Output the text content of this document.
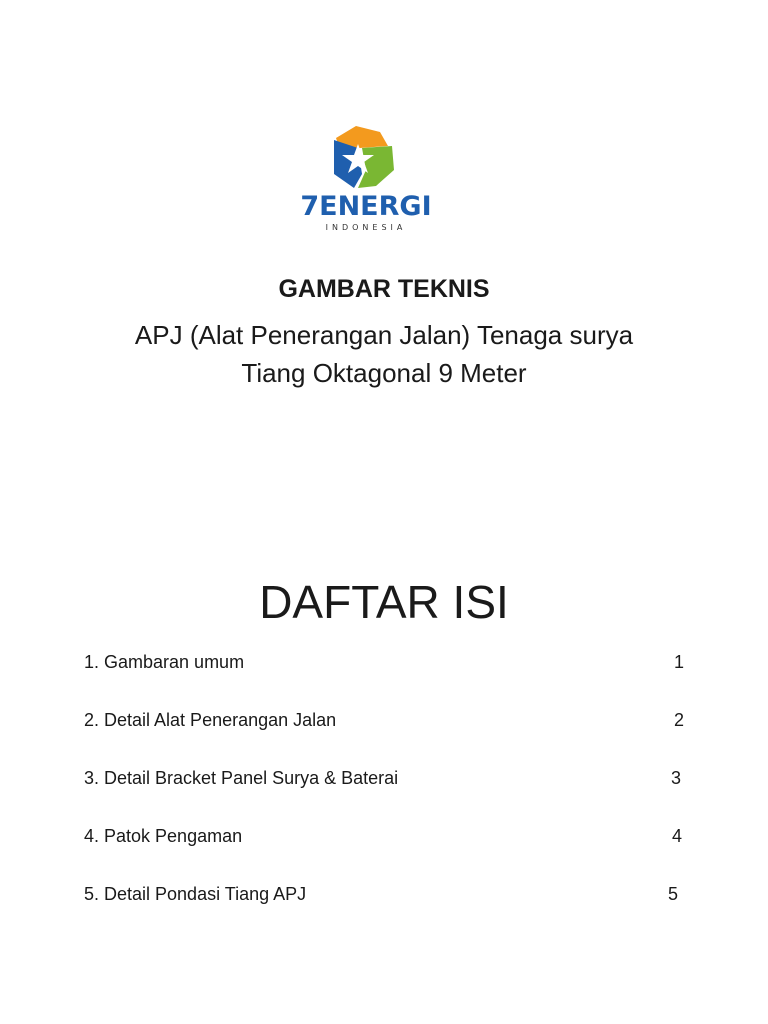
7ENERGI
INDONESIA
GAMBAR TEKNIS
APJ (Alat Penerangan Jalan) Tenaga surya
Tiang Oktagonal 9 Meter
DAFTAR ISI
1. Gambaran umum	1
2. Detail Alat Penerangan Jalan	2
3. Detail Bracket Panel Surya & Baterai	3
4. Patok Pengaman	4
5. Detail Pondasi Tiang APJ	5
